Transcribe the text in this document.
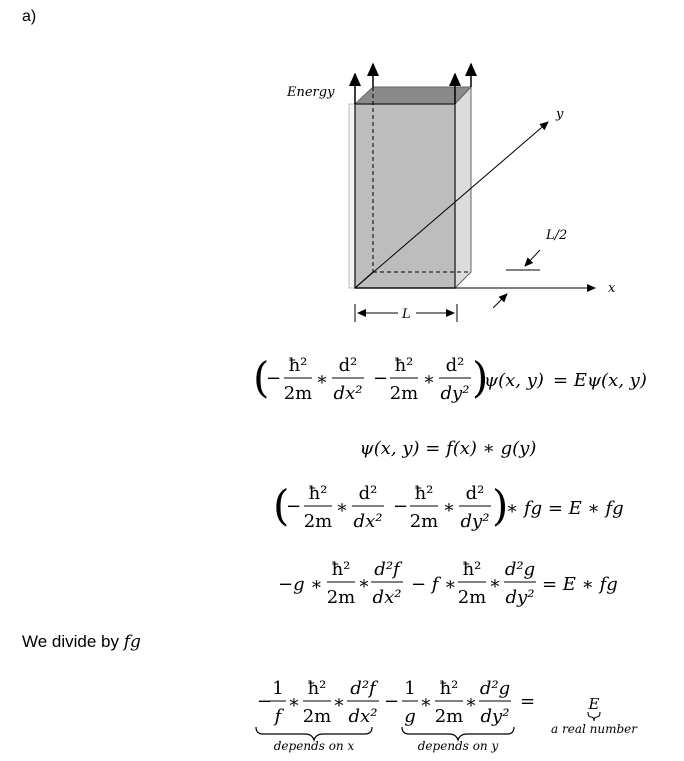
a)
Energy
y
x
L
L/2
(
−
ħ²
2m
∗
d²
dx²
−
ħ²
2m
∗
d²
dy² )
ψ(x, y) = Eψ(x, y)
ψ(x, y) = f(x) ∗ g(y)
(
−
ħ²
2m
∗
d²
dx²
−
ħ²
2m
∗
d²
dy² )
∗ fg = E ∗ fg
−g ∗
ħ²
2m
∗
d²f
dx²
− f ∗
ħ²
2m
∗
d²g
dy²
= E ∗ fg
−
1
f
∗
ħ²
2m
∗
d²f
dx²
−
1
g
∗
ħ²
2m
∗
d²g
dy²
=	E
depends on x	depends on y
a real number
We divide by fg
